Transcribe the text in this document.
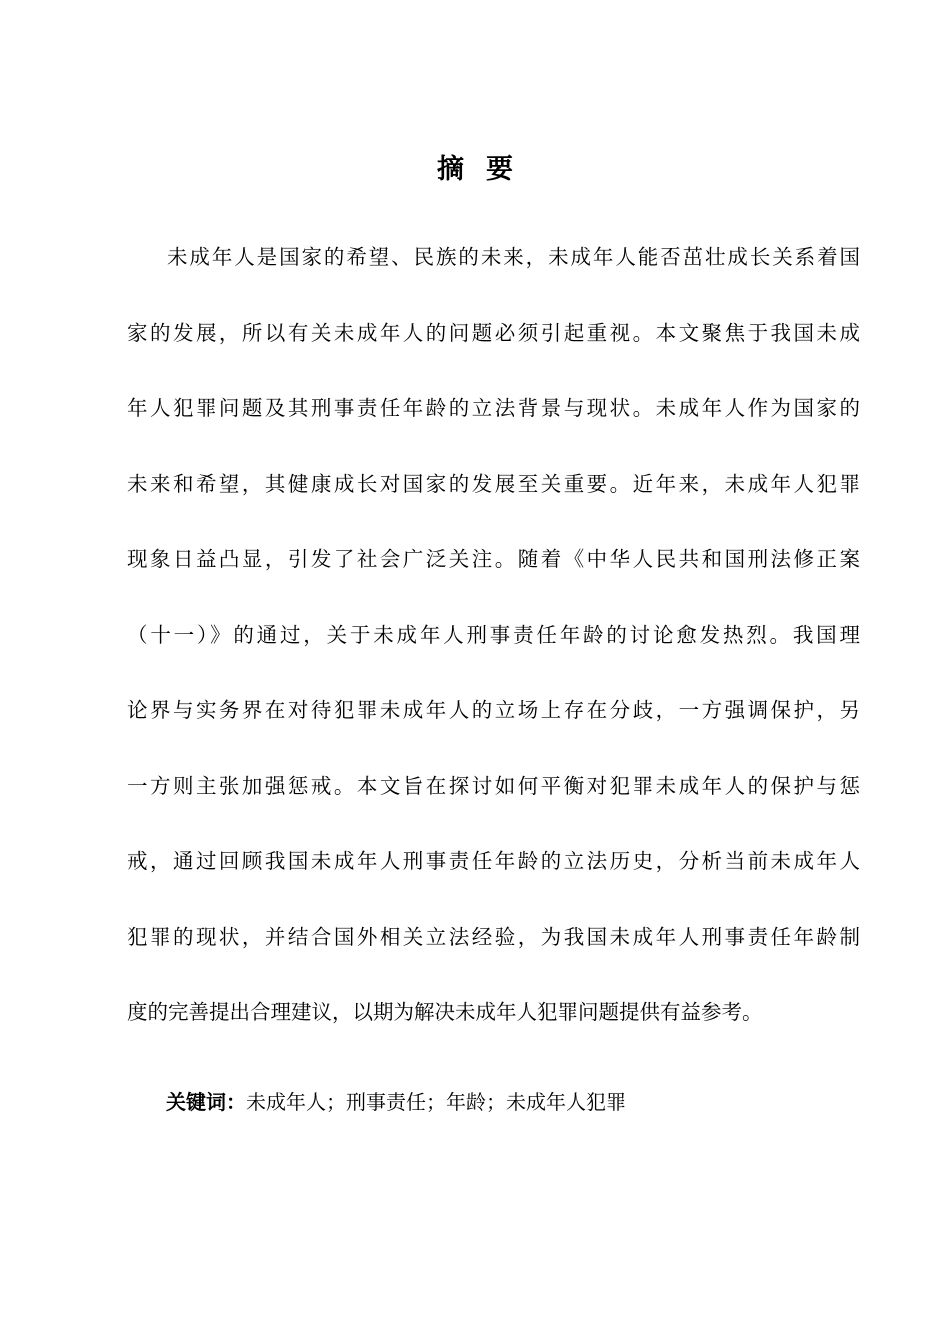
摘要
未成年人是国家的希望、民族的未来，未成年人能否茁壮成长关系着国
家的发展，所以有关未成年人的问题必须引起重视。本文聚焦于我国未成
年人犯罪问题及其刑事责任年龄的立法背景与现状。未成年人作为国家的
未来和希望，其健康成长对国家的发展至关重要。近年来，未成年人犯罪
现象日益凸显，引发了社会广泛关注。随着《中华人民共和国刑法修正案
（十一）》的通过，关于未成年人刑事责任年龄的讨论愈发热烈。我国理
论界与实务界在对待犯罪未成年人的立场上存在分歧，一方强调保护，另
一方则主张加强惩戒。本文旨在探讨如何平衡对犯罪未成年人的保护与惩
戒，通过回顾我国未成年人刑事责任年龄的立法历史，分析当前未成年人
犯罪的现状，并结合国外相关立法经验，为我国未成年人刑事责任年龄制
度的完善提出合理建议，以期为解决未成年人犯罪问题提供有益参考。
关键词：未成年人；刑事责任；年龄；未成年人犯罪
